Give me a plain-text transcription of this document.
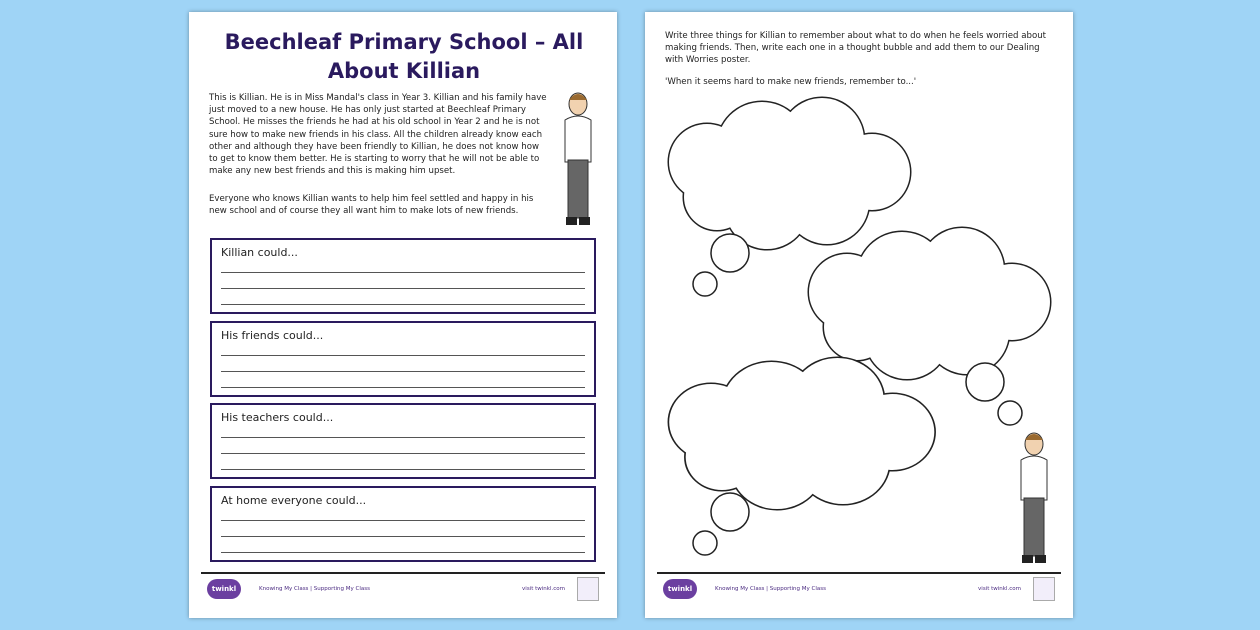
Beechleaf Primary School – All About Killian

This is Killian. He is in Miss Mandal's class in Year 3. Killian and his family have just moved to a new house. He has only just started at Beechleaf Primary School. He misses the friends he had at his old school in Year 2 and he is not sure how to make new friends in his class. All the children already know each other and although they have been friendly to Killian, he does not know how to get to know them better. He is starting to worry that he will not be able to make any new best friends and this is making him upset.

Everyone who knows Killian wants to help him feel settled and happy in his new school and of course they all want him to make lots of new friends.

Killian could...
His friends could...
His teachers could...
At home everyone could...
twinkl	Knowing My Class | Supporting My Class	visit twinkl.com

Write three things for Killian to remember about what to do when he feels worried about making friends. Then, write each one in a thought bubble and add them to our Dealing with Worries poster.

'When it seems hard to make new friends, remember to...'

twinkl	Knowing My Class | Supporting My Class	visit twinkl.com
